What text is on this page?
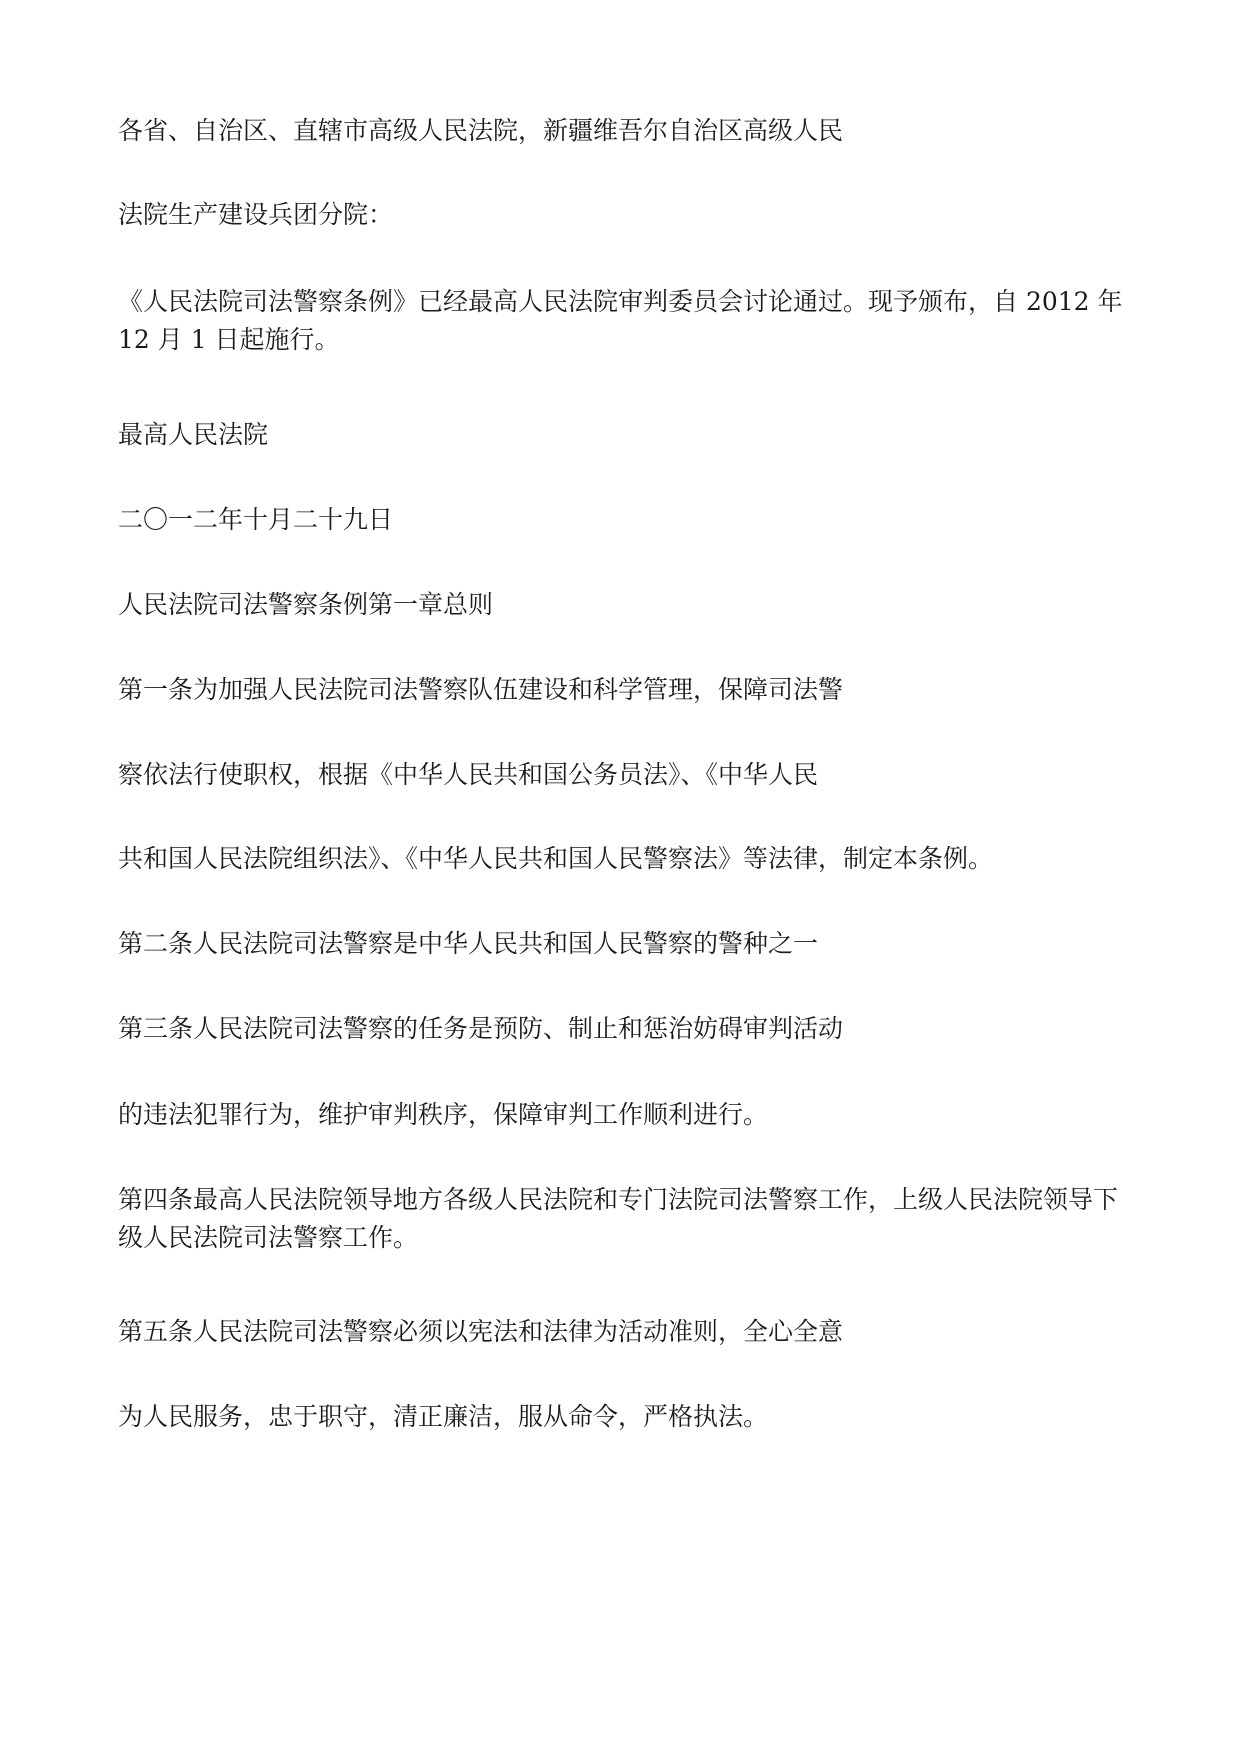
各省、自治区、直辖市高级人民法院，新疆维吾尔自治区高级人民

法院生产建设兵团分院：

《人民法院司法警察条例》已经最高人民法院审判委员会讨论通过。现予颁布，自 2012 年 12 月 1 日起施行。

最高人民法院

二〇一二年十月二十九日

人民法院司法警察条例第一章总则

第一条为加强人民法院司法警察队伍建设和科学管理，保障司法警

察依法行使职权，根据《中华人民共和国公务员法》、《中华人民

共和国人民法院组织法》、《中华人民共和国人民警察法》等法律，制定本条例。

第二条人民法院司法警察是中华人民共和国人民警察的警种之一

第三条人民法院司法警察的任务是预防、制止和惩治妨碍审判活动

的违法犯罪行为，维护审判秩序，保障审判工作顺利进行。

第四条最高人民法院领导地方各级人民法院和专门法院司法警察工作，上级人民法院领导下级人民法院司法警察工作。

第五条人民法院司法警察必须以宪法和法律为活动准则，全心全意

为人民服务，忠于职守，清正廉洁，服从命令，严格执法。
